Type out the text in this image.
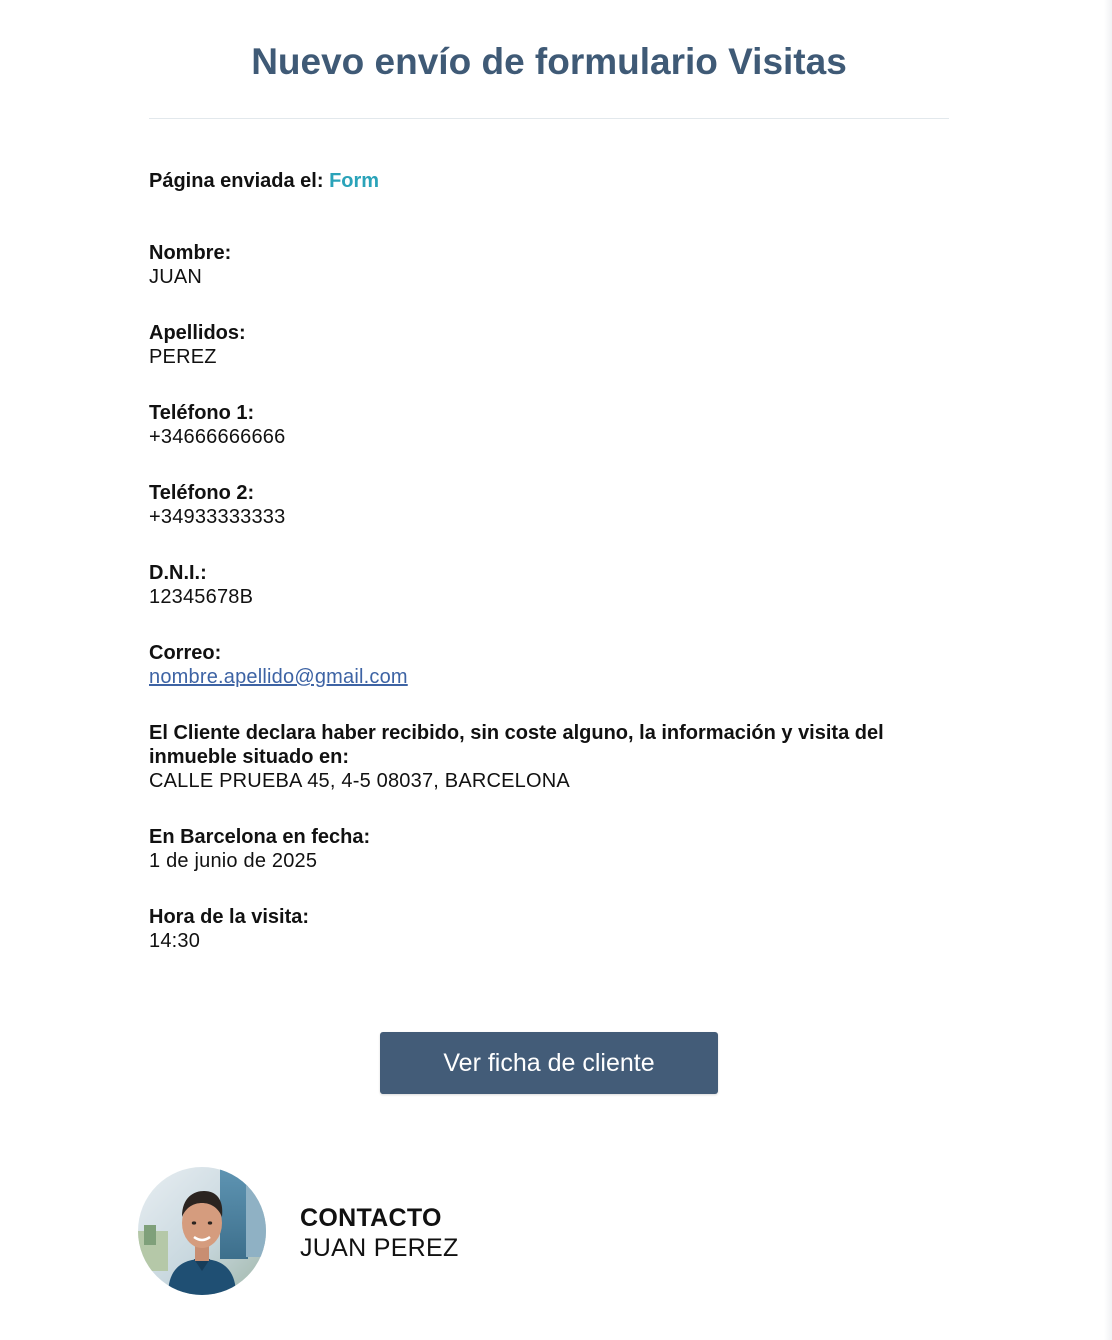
Nuevo envío de formulario Visitas
Página enviada el: Form
Nombre:
JUAN
Apellidos:
PEREZ
Teléfono 1:
+34666666666
Teléfono 2:
+34933333333
D.N.I.:
12345678B
Correo:
nombre.apellido@gmail.com
El Cliente declara haber recibido, sin coste alguno, la información y visita del inmueble situado en:
CALLE PRUEBA 45, 4-5 08037, BARCELONA
En Barcelona en fecha:
1 de junio de 2025
Hora de la visita:
14:30
Ver ficha de cliente
CONTACTO
JUAN PEREZ
